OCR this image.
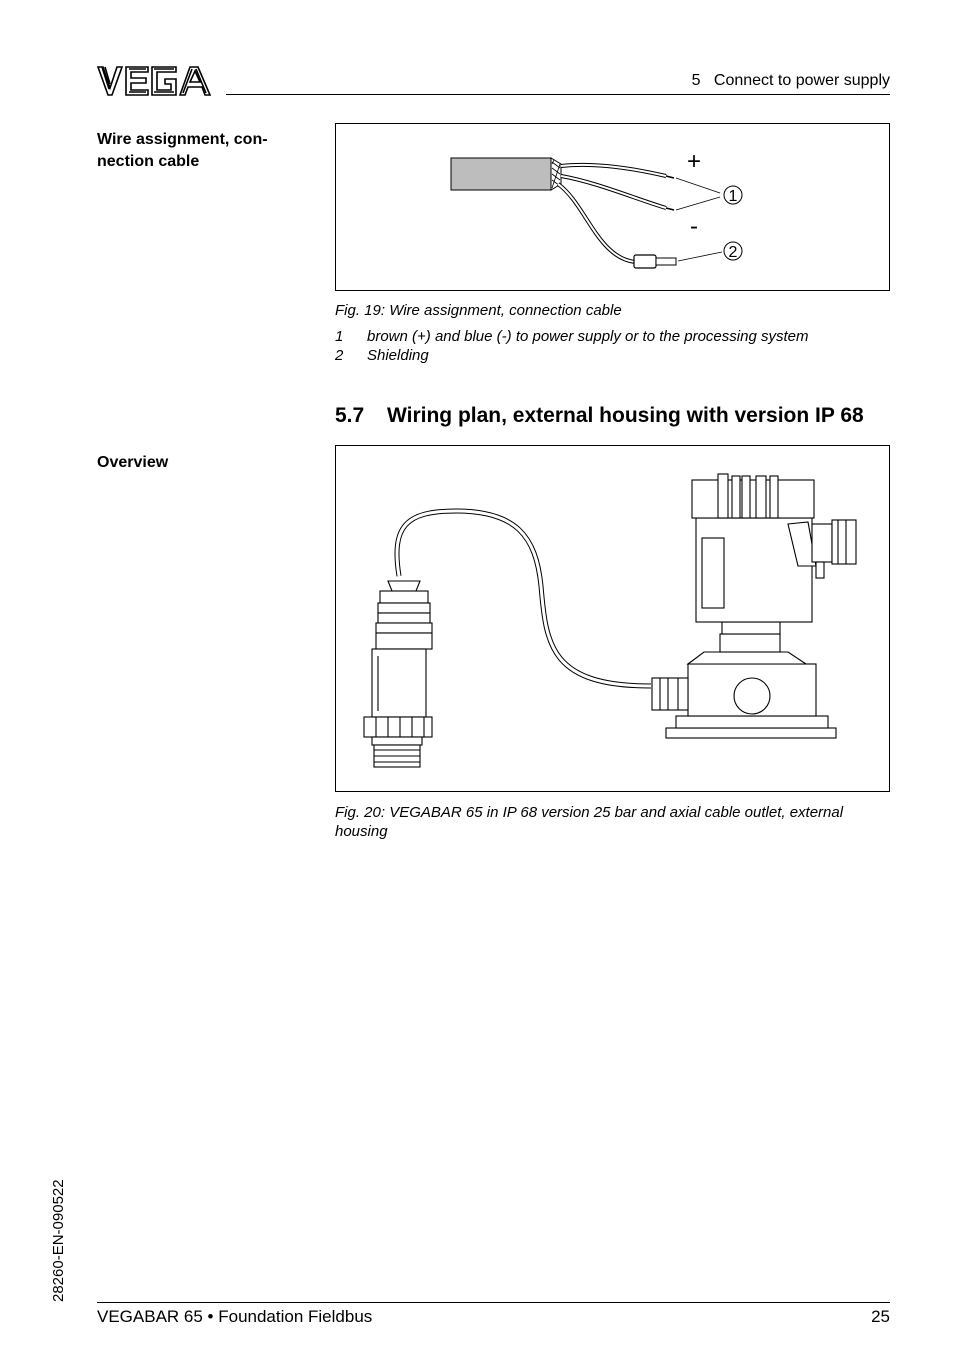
5   Connect to power supply
Wire assignment, con-
nection cable
Overview
1
2
+
-
Fig. 19: Wire assignment, connection cable
1 brown (+) and blue (-) to power supply or to the processing system
2 Shielding
5.7 Wiring plan, external housing with version IP 68
Fig. 20: VEGABAR 65 in IP 68 version 25 bar and axial cable outlet, external housing
28260-EN-090522
VEGABAR 65 • Foundation Fieldbus	25
